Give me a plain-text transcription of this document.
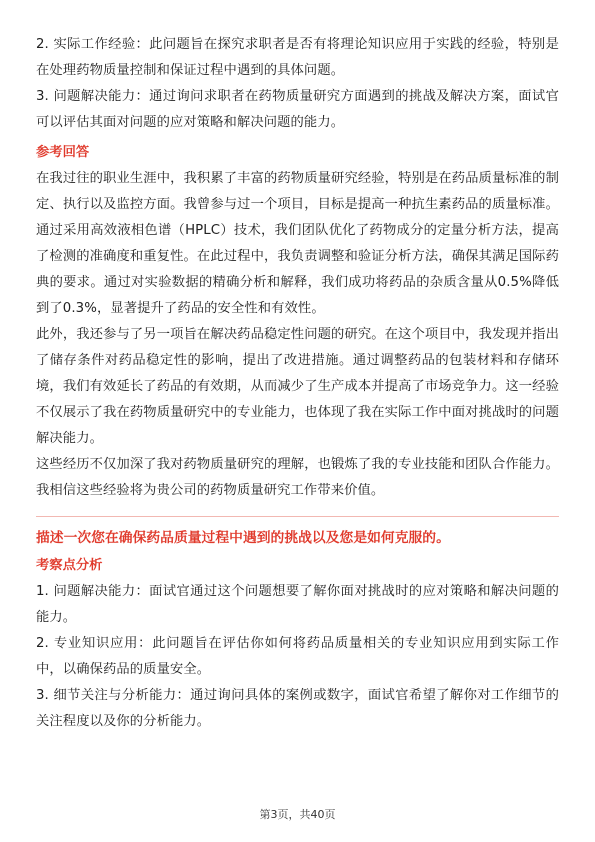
2. 实际工作经验：此问题旨在探究求职者是否有将理论知识应用于实践的经验，特别是在处理药物质量控制和保证过程中遇到的具体问题。

3. 问题解决能力：通过询问求职者在药物质量研究方面遇到的挑战及解决方案，面试官可以评估其面对问题的应对策略和解决问题的能力。

参考回答

在我过往的职业生涯中，我积累了丰富的药物质量研究经验，特别是在药品质量标准的制定、执行以及监控方面。我曾参与过一个项目，目标是提高一种抗生素药品的质量标准。通过采用高效液相色谱（HPLC）技术，我们团队优化了药物成分的定量分析方法，提高了检测的准确度和重复性。在此过程中，我负责调整和验证分析方法，确保其满足国际药典的要求。通过对实验数据的精确分析和解释，我们成功将药品的杂质含量从0.5%降低到了0.3%，显著提升了药品的安全性和有效性。

此外，我还参与了另一项旨在解决药品稳定性问题的研究。在这个项目中，我发现并指出了储存条件对药品稳定性的影响，提出了改进措施。通过调整药品的包装材料和存储环境，我们有效延长了药品的有效期，从而减少了生产成本并提高了市场竞争力。这一经验不仅展示了我在药物质量研究中的专业能力，也体现了我在实际工作中面对挑战时的问题解决能力。

这些经历不仅加深了我对药物质量研究的理解，也锻炼了我的专业技能和团队合作能力。我相信这些经验将为贵公司的药物质量研究工作带来价值。

描述一次您在确保药品质量过程中遇到的挑战以及您是如何克服的。
考察点分析

1. 问题解决能力：面试官通过这个问题想要了解你面对挑战时的应对策略和解决问题的能力。

2. 专业知识应用：此问题旨在评估你如何将药品质量相关的专业知识应用到实际工作中，以确保药品的质量安全。

3. 细节关注与分析能力：通过询问具体的案例或数字，面试官希望了解你对工作细节的关注程度以及你的分析能力。

第3页，共40页
